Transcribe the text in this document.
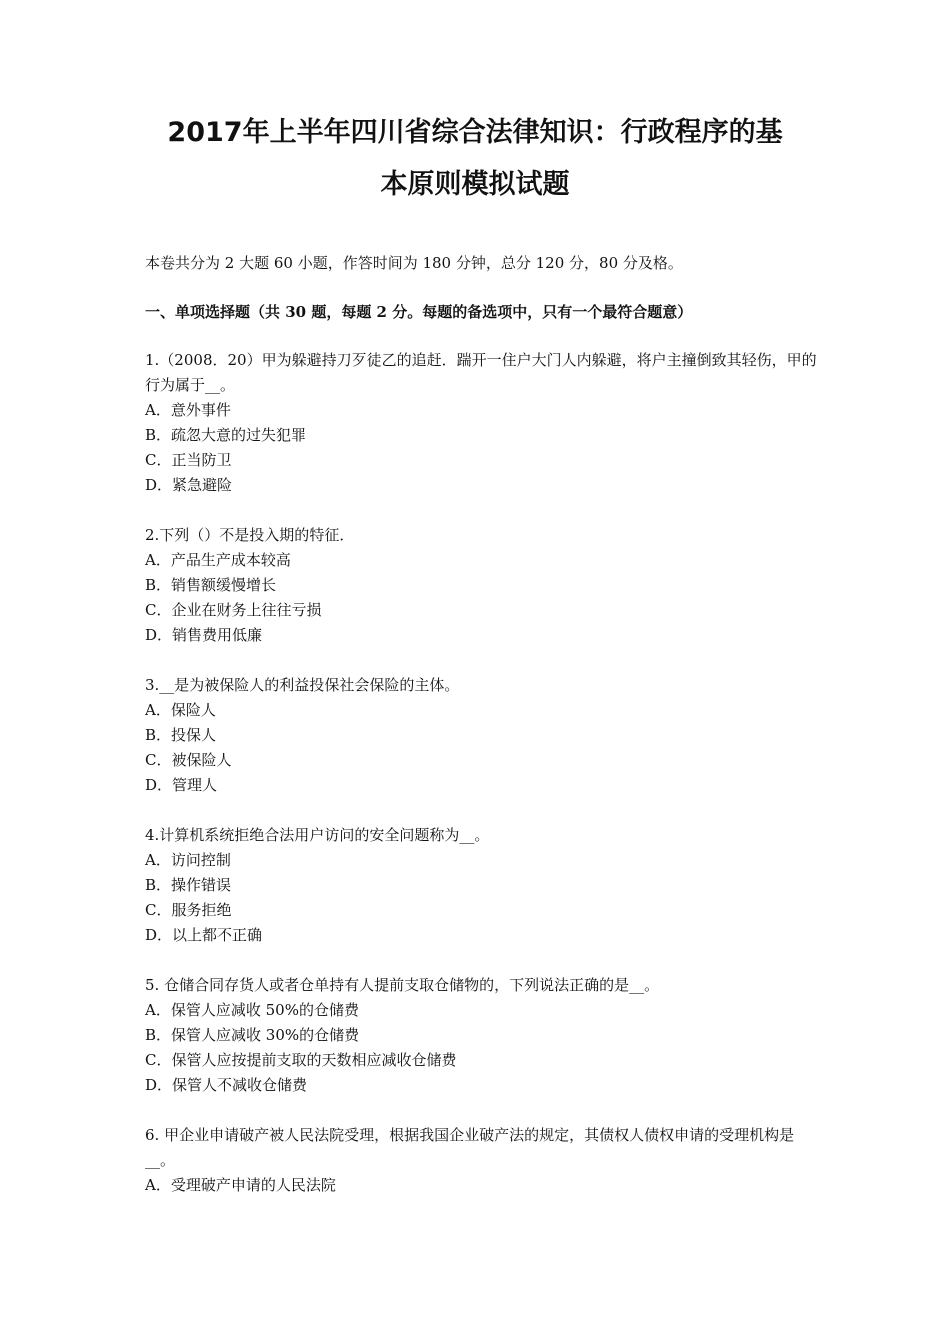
2017年上半年四川省综合法律知识：行政程序的基
本原则模拟试题
本卷共分为 2 大题 60 小题，作答时间为 180 分钟，总分 120 分，80 分及格。
一、单项选择题（共 30 题，每题 2 分。每题的备选项中，只有一个最符合题意）
1.（2008．20）甲为躲避持刀歹徒乙的追赶．踹开一住户大门人内躲避，将户主撞倒致其轻伤，甲的行为属于__。
A．意外事件
B．疏忽大意的过失犯罪
C．正当防卫
D．紧急避险
2.下列（）不是投入期的特征．
A．产品生产成本较高
B．销售额缓慢增长
C．企业在财务上往往亏损
D．销售费用低廉
3.__是为被保险人的利益投保社会保险的主体。
A．保险人
B．投保人
C．被保险人
D．管理人
4.计算机系统拒绝合法用户访问的安全问题称为__。
A．访问控制
B．操作错误
C．服务拒绝
D．以上都不正确
5. 仓储合同存货人或者仓单持有人提前支取仓储物的，下列说法正确的是__。
A．保管人应减收 50%的仓储费
B．保管人应减收 30%的仓储费
C．保管人应按提前支取的天数相应减收仓储费
D．保管人不减收仓储费
6. 甲企业申请破产被人民法院受理，根据我国企业破产法的规定，其债权人债权申请的受理机构是__。
A．受理破产申请的人民法院
